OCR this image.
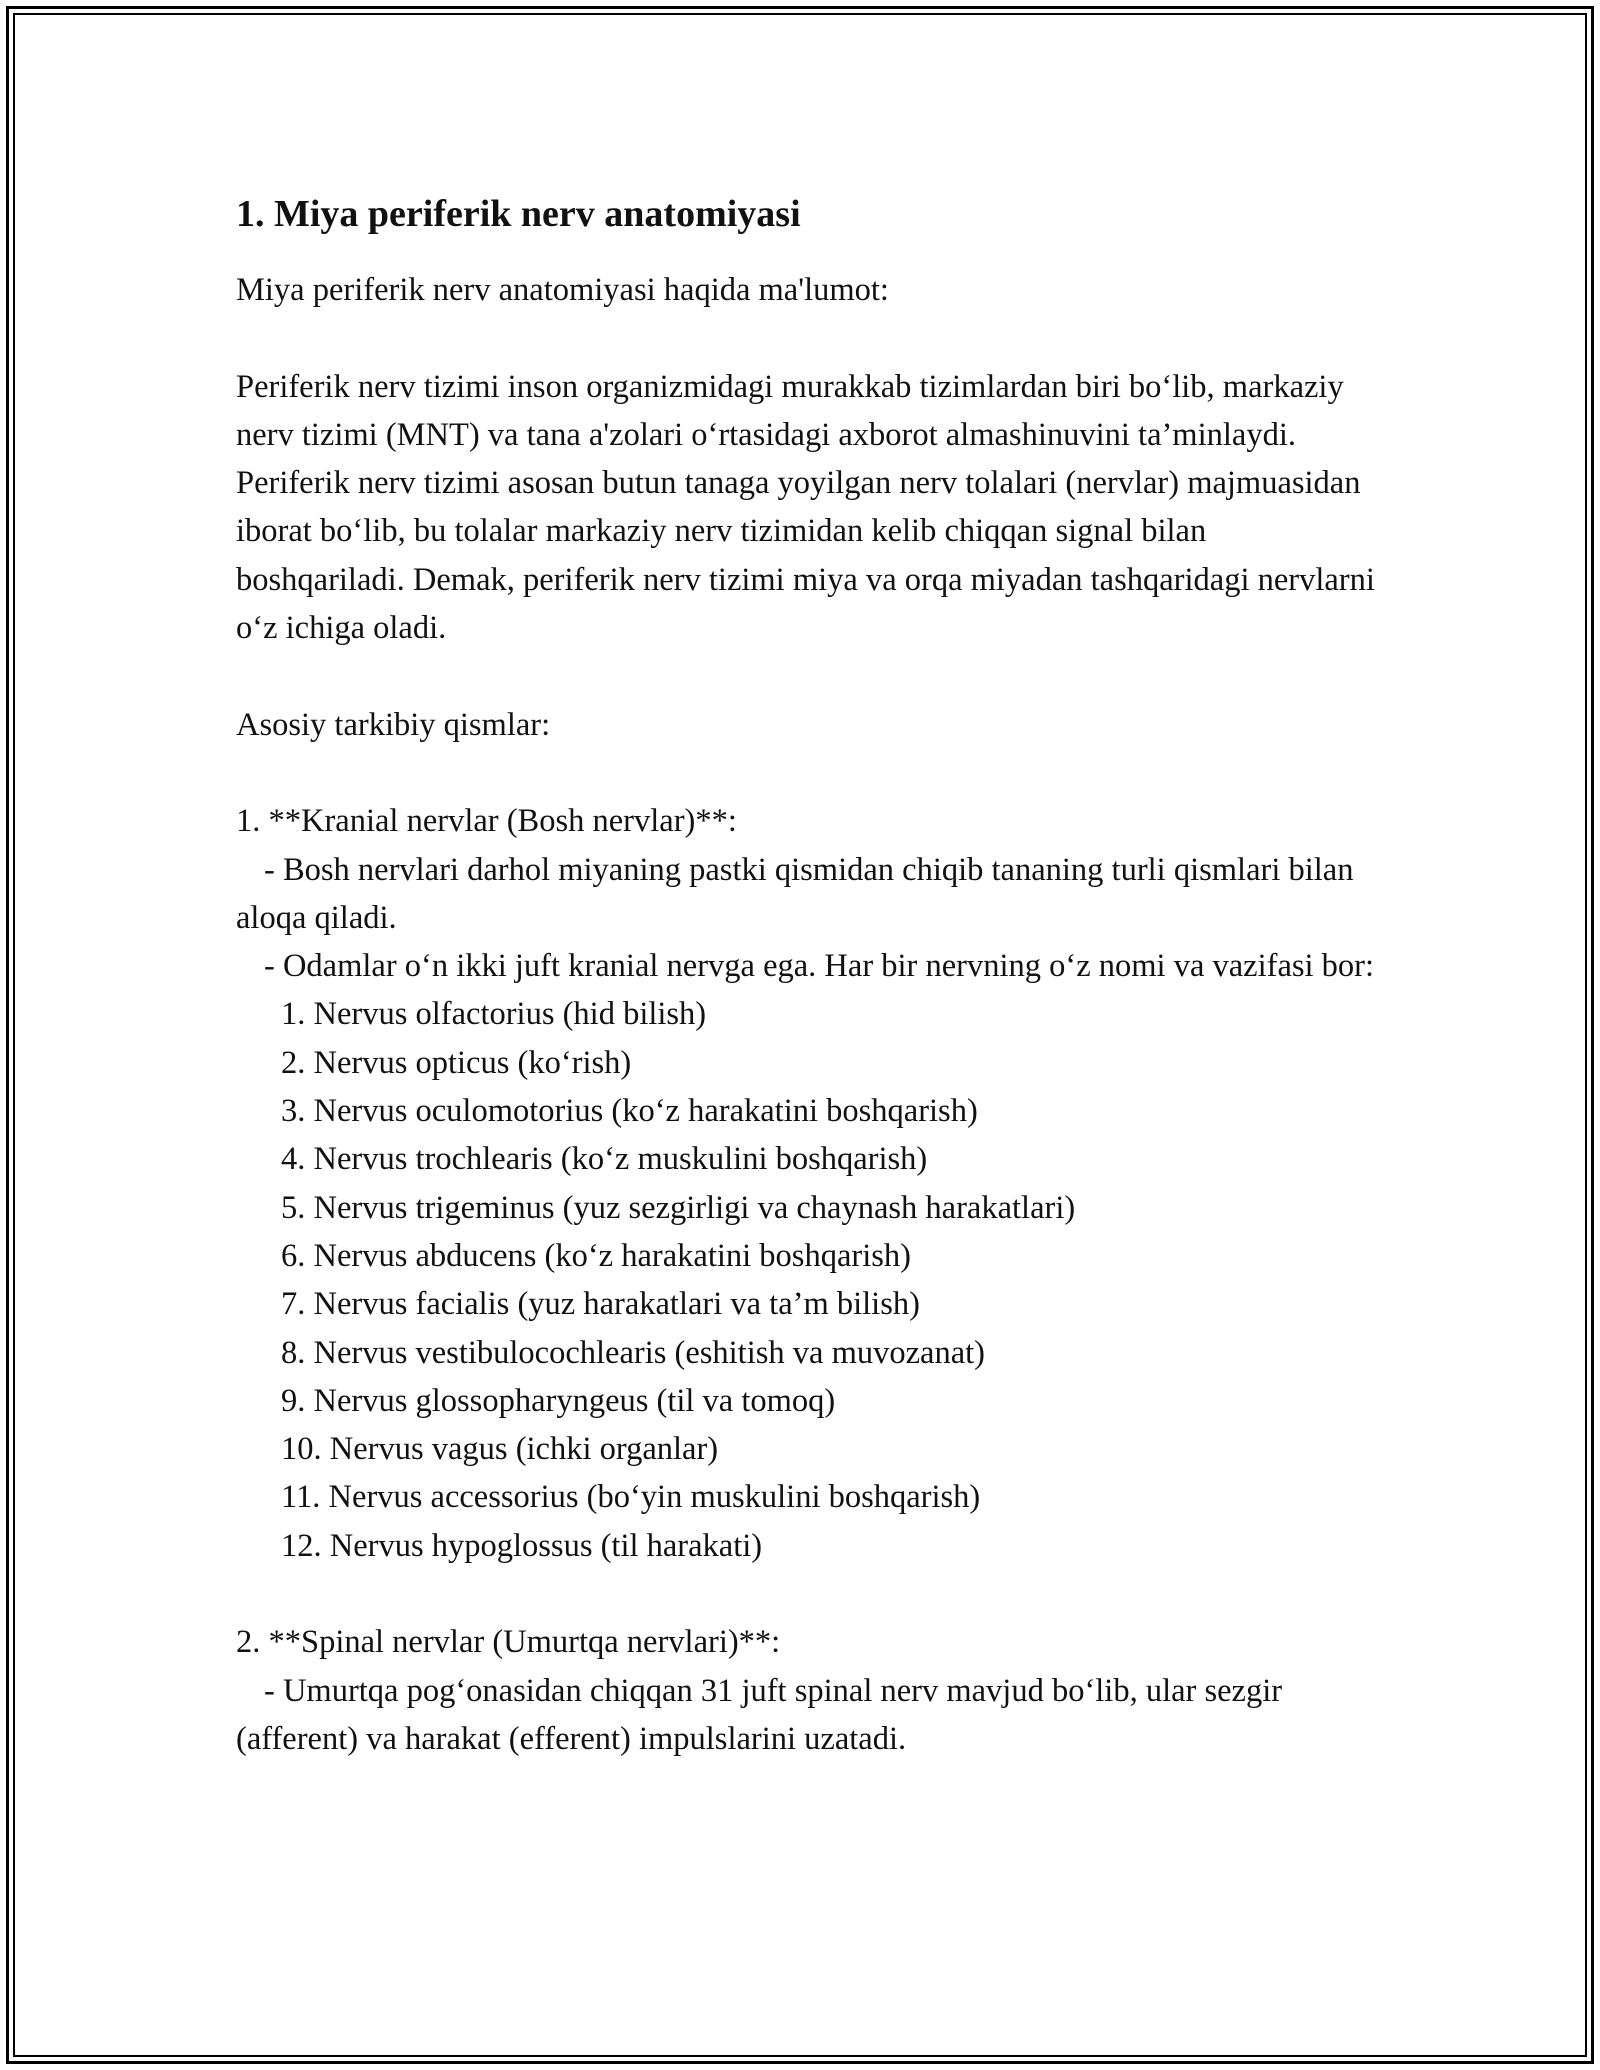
1. Miya periferik nerv anatomiyasi

Miya periferik nerv anatomiyasi haqida ma'lumot:

Periferik nerv tizimi inson organizmidagi murakkab tizimlardan biri bo‘lib, markaziy nerv tizimi (MNT) va tana a'zolari o‘rtasidagi axborot almashinuvini ta’minlaydi. Periferik nerv tizimi asosan butun tanaga yoyilgan nerv tolalari (nervlar) majmuasidan iborat bo‘lib, bu tolalar markaziy nerv tizimidan kelib chiqqan signal bilan boshqariladi. Demak, periferik nerv tizimi miya va orqa miyadan tashqaridagi nervlarni o‘z ichiga oladi.

Asosiy tarkibiy qismlar:

1. **Kranial nervlar (Bosh nervlar)**:

- Bosh nervlari darhol miyaning pastki qismidan chiqib tananing turli qismlari bilan aloqa qiladi.

- Odamlar o‘n ikki juft kranial nervga ega. Har bir nervning o‘z nomi va vazifasi bor:

1. Nervus olfactorius (hid bilish)
2. Nervus opticus (ko‘rish)
3. Nervus oculomotorius (ko‘z harakatini boshqarish)
4. Nervus trochlearis (ko‘z muskulini boshqarish)
5. Nervus trigeminus (yuz sezgirligi va chaynash harakatlari)
6. Nervus abducens (ko‘z harakatini boshqarish)
7. Nervus facialis (yuz harakatlari va ta’m bilish)
8. Nervus vestibulocochlearis (eshitish va muvozanat)
9. Nervus glossopharyngeus (til va tomoq)
10. Nervus vagus (ichki organlar)
11. Nervus accessorius (bo‘yin muskulini boshqarish)
12. Nervus hypoglossus (til harakati)

2. **Spinal nervlar (Umurtqa nervlari)**:

- Umurtqa pog‘onasidan chiqqan 31 juft spinal nerv mavjud bo‘lib, ular sezgir (afferent) va harakat (efferent) impulslarini uzatadi.
